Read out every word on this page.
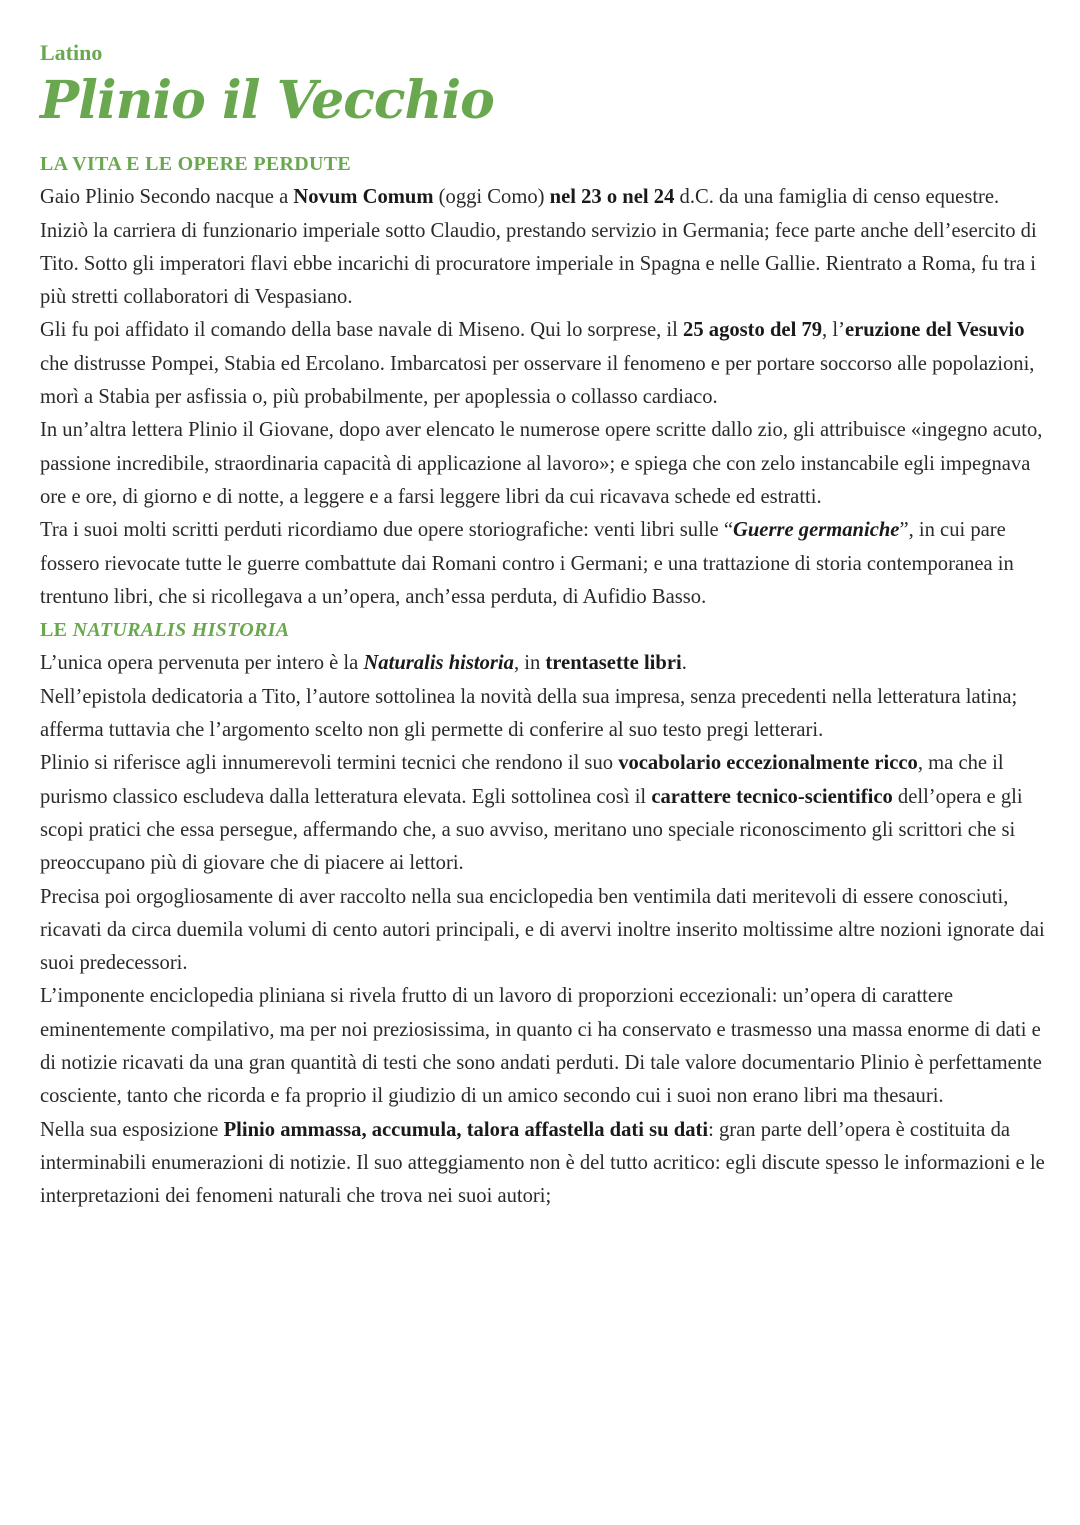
Latino

Plinio il Vecchio
LA VITA E LE OPERE PERDUTE

Gaio Plinio Secondo nacque a Novum Comum (oggi Como) nel 23 o nel 24 d.C. da una famiglia di censo equestre. Iniziò la carriera di funzionario imperiale sotto Claudio, prestando servizio in Germania; fece parte anche dell’esercito di Tito. Sotto gli imperatori flavi ebbe incarichi di procuratore imperiale in Spagna e nelle Gallie. Rientrato a Roma, fu tra i più stretti collaboratori di Vespasiano.

Gli fu poi affidato il comando della base navale di Miseno. Qui lo sorprese, il 25 agosto del 79, l’eruzione del Vesuvio che distrusse Pompei, Stabia ed Ercolano. Imbarcatosi per osservare il fenomeno e per portare soccorso alle popolazioni, morì a Stabia per asfissia o, più probabilmente, per apoplessia o collasso cardiaco.

In un’altra lettera Plinio il Giovane, dopo aver elencato le numerose opere scritte dallo zio, gli attribuisce «ingegno acuto, passione incredibile, straordinaria capacità di applicazione al lavoro»; e spiega che con zelo instancabile egli impegnava ore e ore, di giorno e di notte, a leggere e a farsi leggere libri da cui ricavava schede ed estratti.

Tra i suoi molti scritti perduti ricordiamo due opere storiografiche: venti libri sulle “Guerre germaniche”, in cui pare fossero rievocate tutte le guerre combattute dai Romani contro i Germani; e una trattazione di storia contemporanea in trentuno libri, che si ricollegava a un’opera, anch’essa perduta, di Aufidio Basso.

LE NATURALIS HISTORIA

L’unica opera pervenuta per intero è la Naturalis historia, in trentasette libri.

Nell’epistola dedicatoria a Tito, l’autore sottolinea la novità della sua impresa, senza precedenti nella letteratura latina; afferma tuttavia che l’argomento scelto non gli permette di conferire al suo testo pregi letterari.

Plinio si riferisce agli innumerevoli termini tecnici che rendono il suo vocabolario eccezionalmente ricco, ma che il purismo classico escludeva dalla letteratura elevata. Egli sottolinea così il carattere tecnico-scientifico dell’opera e gli scopi pratici che essa persegue, affermando che, a suo avviso, meritano uno speciale riconoscimento gli scrittori che si preoccupano più di giovare che di piacere ai lettori.

Precisa poi orgogliosamente di aver raccolto nella sua enciclopedia ben ventimila dati meritevoli di essere conosciuti, ricavati da circa duemila volumi di cento autori principali, e di avervi inoltre inserito moltissime altre nozioni ignorate dai suoi predecessori.

L’imponente enciclopedia pliniana si rivela frutto di un lavoro di proporzioni eccezionali: un’opera di carattere eminentemente compilativo, ma per noi preziosissima, in quanto ci ha conservato e trasmesso una massa enorme di dati e di notizie ricavati da una gran quantità di testi che sono andati perduti. Di tale valore documentario Plinio è perfettamente cosciente, tanto che ricorda e fa proprio il giudizio di un amico secondo cui i suoi non erano libri ma thesauri.

Nella sua esposizione Plinio ammassa, accumula, talora affastella dati su dati: gran parte dell’opera è costituita da interminabili enumerazioni di notizie. Il suo atteggiamento non è del tutto acritico: egli discute spesso le informazioni e le interpretazioni dei fenomeni naturali che trova nei suoi autori;
